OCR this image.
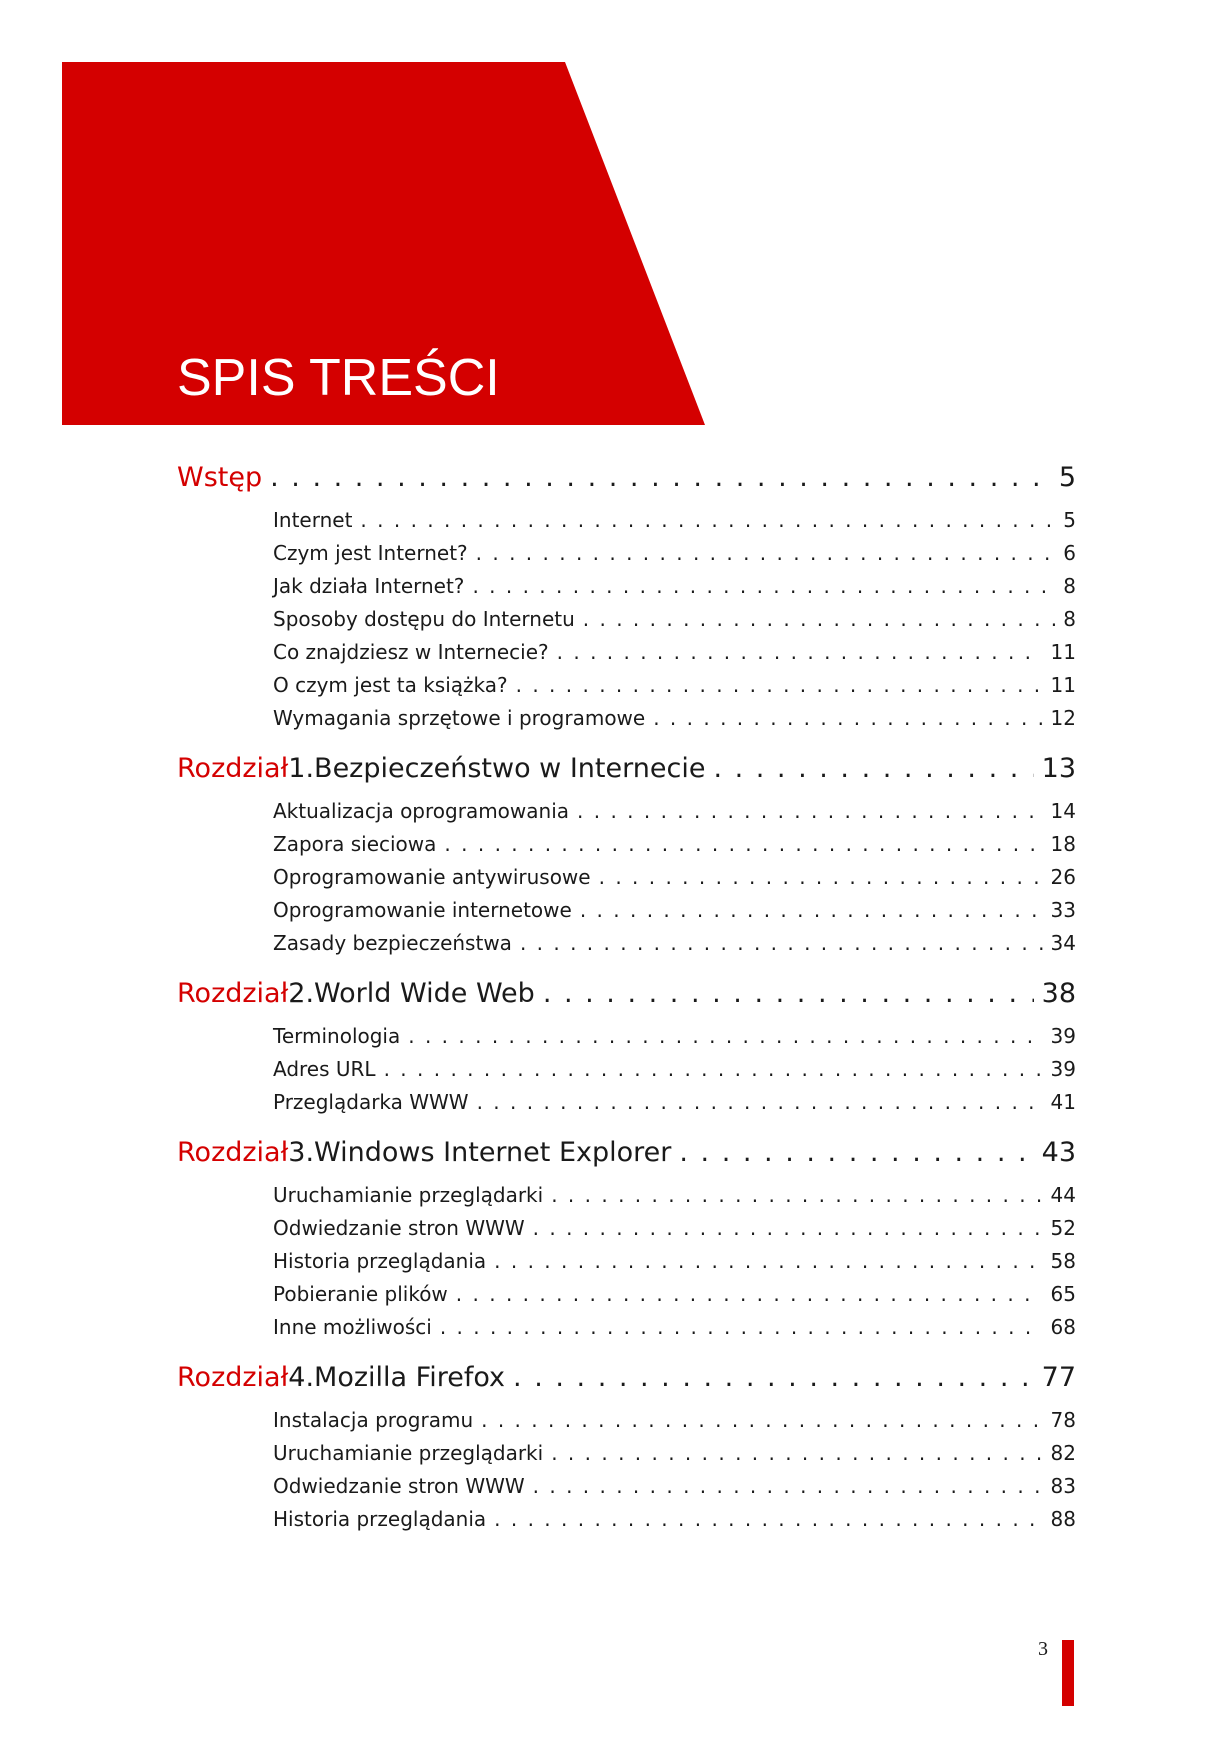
SPIS TREŚCI
Wstęp . . .	5
Internet . . .	5
Czym jest Internet? . . .	6
Jak działa Internet? . . .	8
Sposoby dostępu do Internetu . . .	8
Co znajdziesz w Internecie? . . .	11
O czym jest ta książka? . . .	11
Wymagania sprzętowe i programowe . . .	12
Rozdział 1. Bezpieczeństwo w Internecie . . .	13
Aktualizacja oprogramowania . . .	14
Zapora sieciowa . . .	18
Oprogramowanie antywirusowe . . .	26
Oprogramowanie internetowe . . .	33
Zasady bezpieczeństwa . . .	34
Rozdział 2. World Wide Web . . .	38
Terminologia . . .	39
Adres URL . . .	39
Przeglądarka WWW . . .	41
Rozdział 3. Windows Internet Explorer . . .	43
Uruchamianie przeglądarki . . .	44
Odwiedzanie stron WWW . . .	52
Historia przeglądania . . .	58
Pobieranie plików . . .	65
Inne możliwości . . .	68
Rozdział 4. Mozilla Firefox . . .	77
Instalacja programu . . .	78
Uruchamianie przeglądarki . . .	82
Odwiedzanie stron WWW . . .	83
Historia przeglądania . . .	88
3
